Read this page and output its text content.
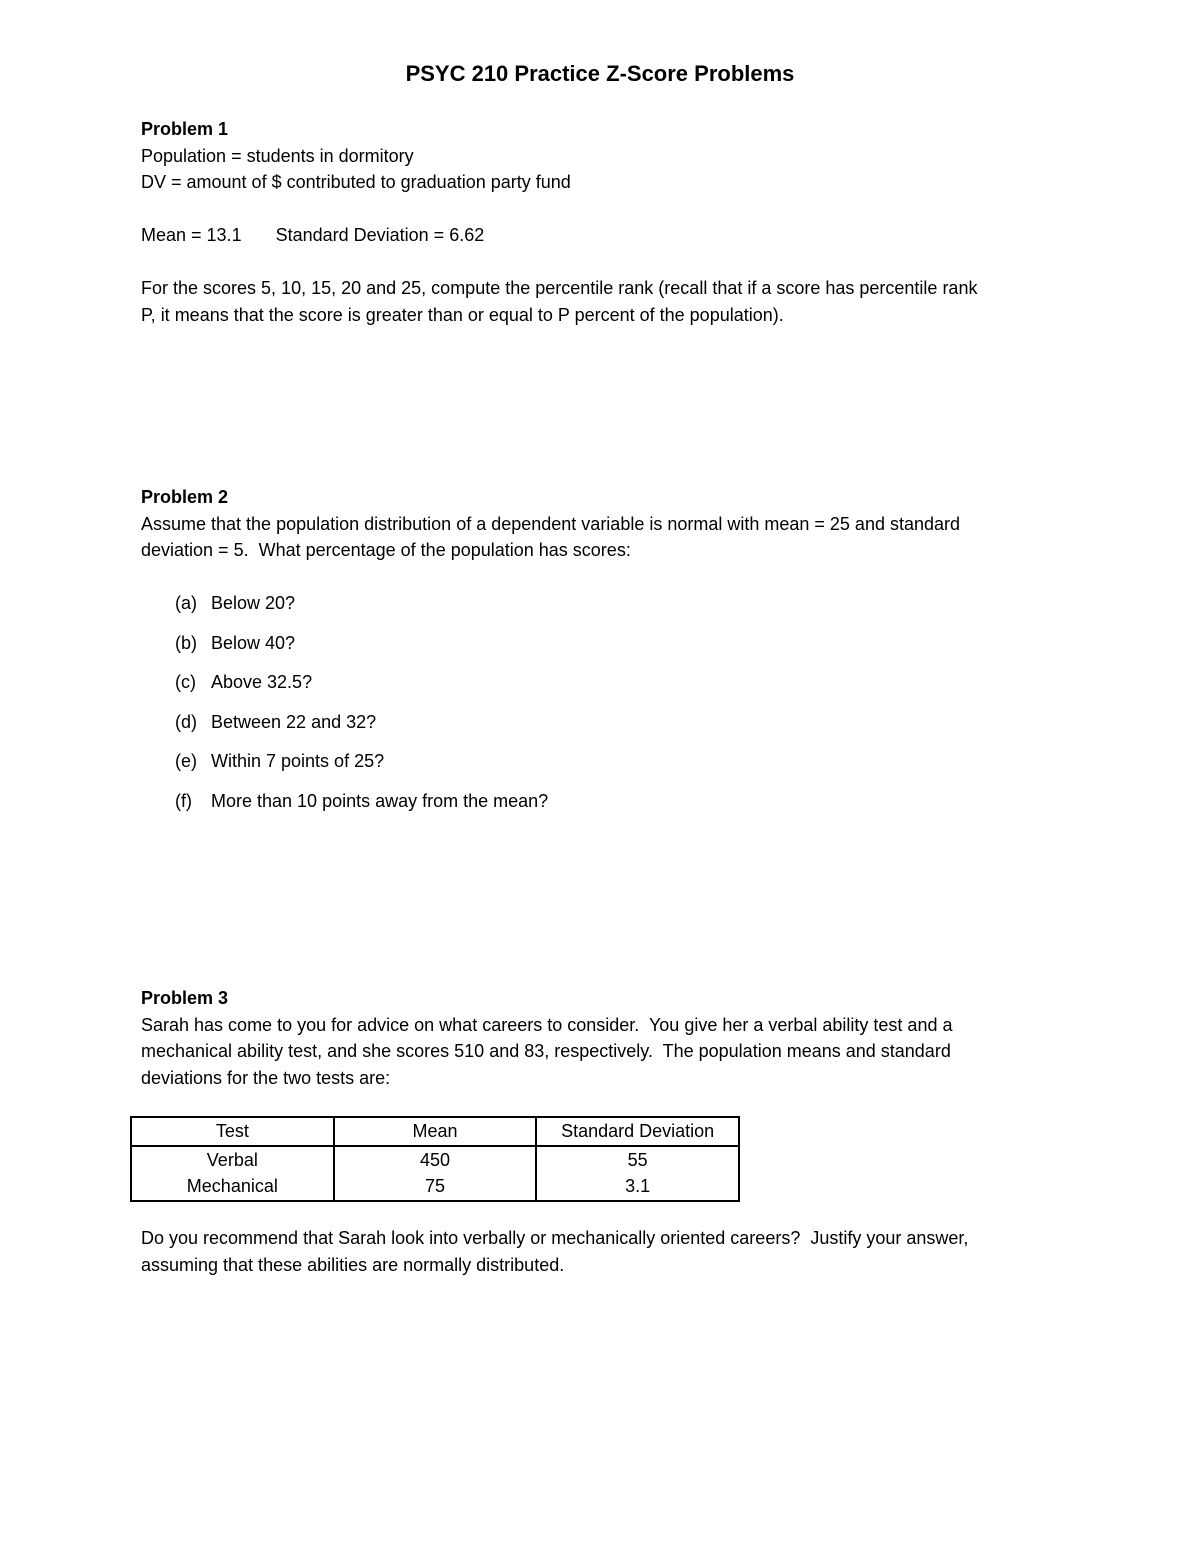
PSYC 210 Practice Z-Score Problems

Problem 1

Population = students in dormitory

DV = amount of $ contributed to graduation party fund

Mean = 13.1 Standard Deviation = 6.62

For the scores 5, 10, 15, 20 and 25, compute the percentile rank (recall that if a score has percentile rank

P, it means that the score is greater than or equal to P percent of the population).

Problem 2

Assume that the population distribution of a dependent variable is normal with mean = 25 and standard

deviation = 5.  What percentage of the population has scores:

(a) Below 20?
(b) Below 40?
(c) Above 32.5?
(d) Between 22 and 32?
(e) Within 7 points of 25?
(f) More than 10 points away from the mean?

Problem 3

Sarah has come to you for advice on what careers to consider.  You give her a verbal ability test and a

mechanical ability test, and she scores 510 and 83, respectively.  The population means and standard

deviations for the two tests are:

Test	Mean	Standard Deviation
Verbal	450	55
Mechanical	75	3.1

Do you recommend that Sarah look into verbally or mechanically oriented careers?  Justify your answer,

assuming that these abilities are normally distributed.
